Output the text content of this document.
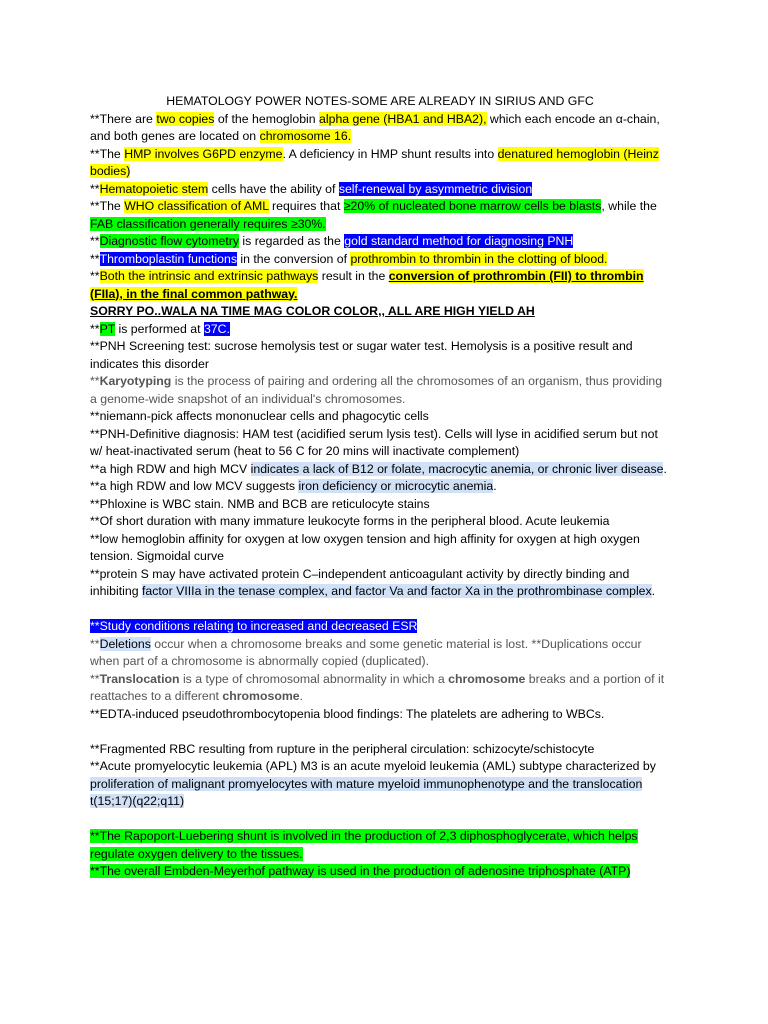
HEMATOLOGY POWER NOTES-SOME ARE ALREADY IN SIRIUS AND GFC

**There are two copies of the hemoglobin alpha gene (HBA1 and HBA2), which each encode an α-chain, and both genes are located on chromosome 16.

**The HMP involves G6PD enzyme. A deficiency in HMP shunt results into denatured hemoglobin (Heinz bodies)

**Hematopoietic stem cells have the ability of self-renewal by asymmetric division

**The WHO classification of AML requires that ≥20% of nucleated bone marrow cells be blasts, while the FAB classification generally requires ≥30%.

**Diagnostic flow cytometry is regarded as the gold standard method for diagnosing PNH

**Thromboplastin functions in the conversion of prothrombin to thrombin in the clotting of blood.

**Both the intrinsic and extrinsic pathways result in the conversion of prothrombin (FII) to thrombin (FIIa), in the final common pathway.

SORRY PO..WALA NA TIME MAG COLOR COLOR,, ALL ARE HIGH YIELD AH

**PT is performed at 37C.

**PNH Screening test: sucrose hemolysis test or sugar water test. Hemolysis is a positive result and indicates this disorder

**Karyotyping is the process of pairing and ordering all the chromosomes of an organism, thus providing a genome-wide snapshot of an individual's chromosomes.

**niemann-pick affects mononuclear cells and phagocytic cells

**PNH-Definitive diagnosis: HAM test (acidified serum lysis test). Cells will lyse in acidified serum but not w/ heat-inactivated serum (heat to 56 C for 20 mins will inactivate complement)

**a high RDW and high MCV indicates a lack of B12 or folate, macrocytic anemia, or chronic liver disease.

**a high RDW and low MCV suggests iron deficiency or microcytic anemia.

**Phloxine is WBC stain. NMB and BCB are reticulocyte stains

**Of short duration with many immature leukocyte forms in the peripheral blood. Acute leukemia

**low hemoglobin affinity for oxygen at low oxygen tension and high affinity for oxygen at high oxygen tension. Sigmoidal curve

**protein S may have activated protein C–independent anticoagulant activity by directly binding and inhibiting factor VIIIa in the tenase complex, and factor Va and factor Xa in the prothrombinase complex.

**Study conditions relating to increased and decreased ESR

**Deletions occur when a chromosome breaks and some genetic material is lost. **Duplications occur when part of a chromosome is abnormally copied (duplicated).

**Translocation is a type of chromosomal abnormality in which a chromosome breaks and a portion of it reattaches to a different chromosome.

**EDTA-induced pseudothrombocytopenia blood findings: The platelets are adhering to WBCs.

**Fragmented RBC resulting from rupture in the peripheral circulation: schizocyte/schistocyte

**Acute promyelocytic leukemia (APL) M3 is an acute myeloid leukemia (AML) subtype characterized by proliferation of malignant promyelocytes with mature myeloid immunophenotype and the translocation t(15;17)(q22;q11)

**The Rapoport-Luebering shunt is involved in the production of 2,3 diphosphoglycerate, which helps regulate oxygen delivery to the tissues.

**The overall Embden-Meyerhof pathway is used in the production of adenosine triphosphate (ATP)
